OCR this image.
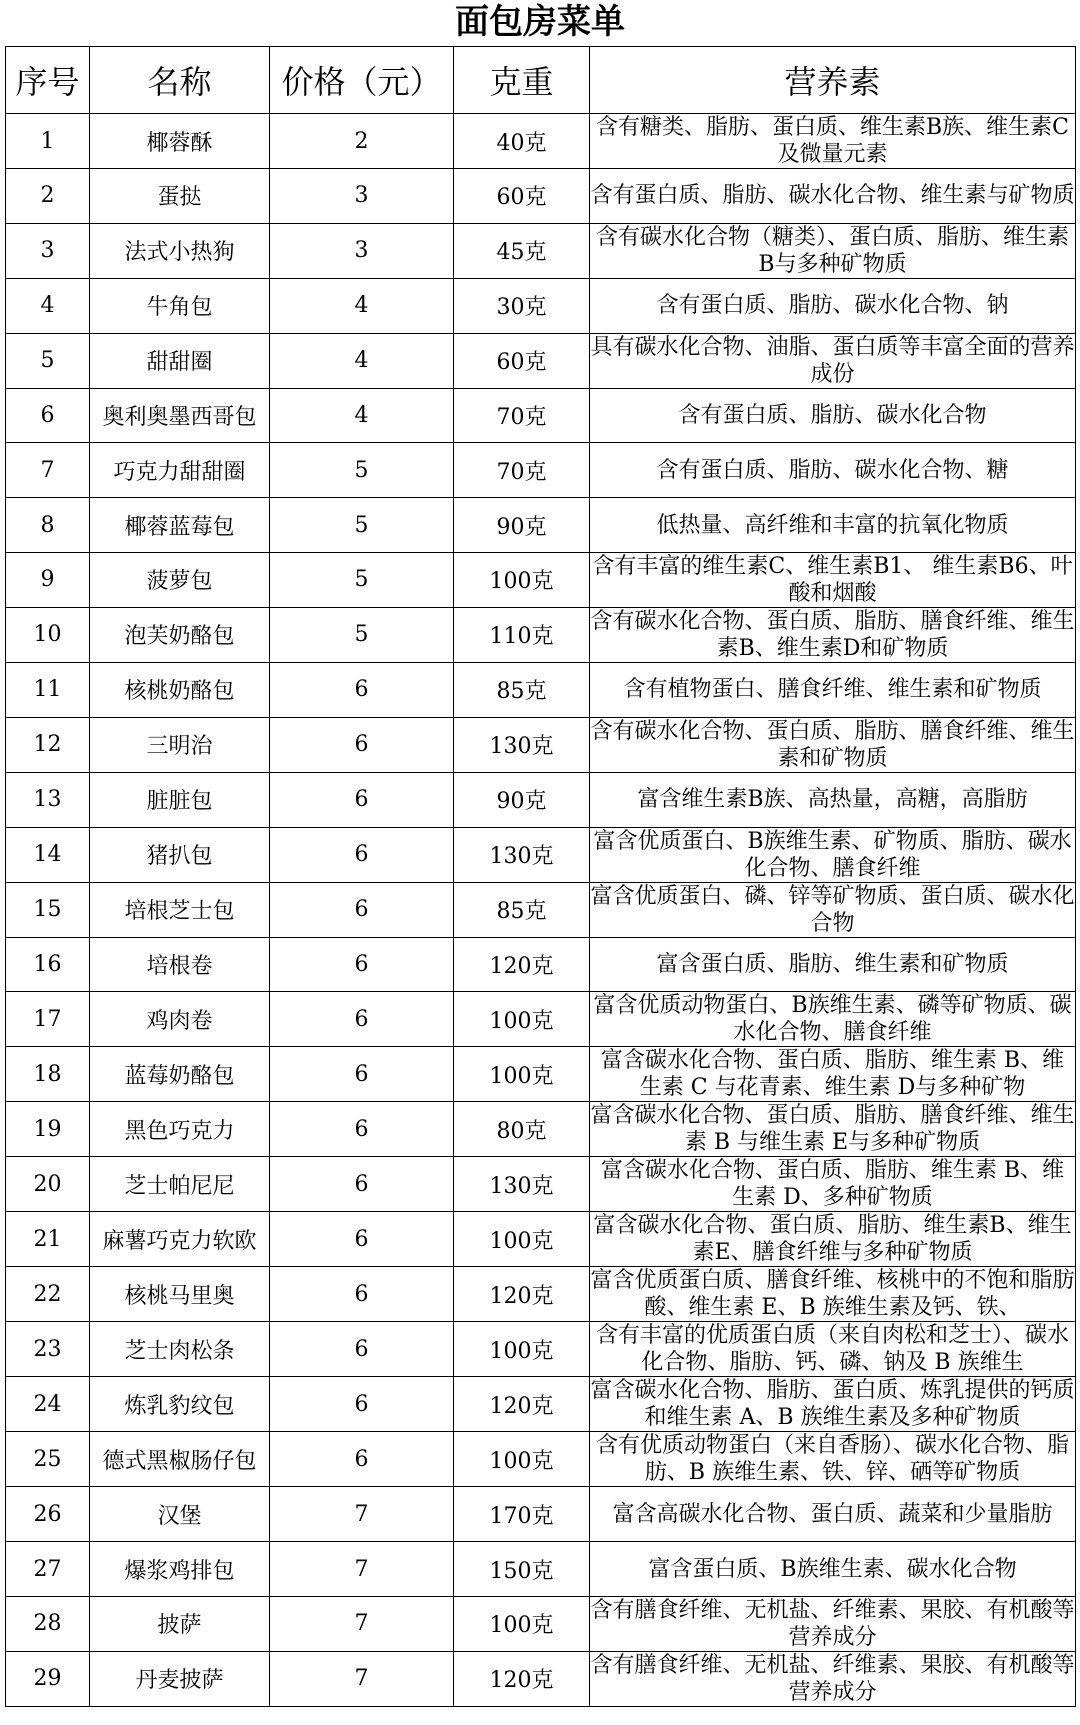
面包房菜单
序号	名称	价格（元）	克重	营养素
1	椰蓉酥	2	40克	含有糖类、脂肪、蛋白质、维生素B族、维生素C及微量元素

2	蛋挞	3	60克	含有蛋白质、脂肪、碳水化合物、维生素与矿物质

3	法式小热狗	3	45克	含有碳水化合物（糖类）、蛋白质、脂肪、维生素 B与多种矿物质

4	牛角包	4	30克	含有蛋白质、脂肪、碳水化合物、钠

5	甜甜圈	4	60克	具有碳水化合物、油脂、蛋白质等丰富全面的营养成份

6	奥利奥墨西哥包	4	70克	含有蛋白质、脂肪、碳水化合物

7	巧克力甜甜圈	5	70克	含有蛋白质、脂肪、碳水化合物、糖

8	椰蓉蓝莓包	5	90克	低热量、高纤维和丰富的抗氧化物质

9	菠萝包	5	100克	含有丰富的维生素C、维生素B1、 维生素B6、叶酸和烟酸

10	泡芙奶酪包	5	110克	含有碳水化合物、蛋白质、脂肪、膳食纤维、维生素B、维生素D和矿物质

11	核桃奶酪包	6	85克	含有植物蛋白、膳食纤维、维生素和矿物质

12	三明治	6	130克	含有碳水化合物、蛋白质、脂肪、膳食纤维、维生素和矿物质

13	脏脏包	6	90克	富含维生素B族、高热量，高糖，高脂肪

14	猪扒包	6	130克	富含优质蛋白、B族维生素、矿物质、脂肪、碳水化合物、膳食纤维

15	培根芝士包	6	85克	富含优质蛋白、磷、锌等矿物质、蛋白质、碳水化合物

16	培根卷	6	120克	富含蛋白质、脂肪、维生素和矿物质

17	鸡肉卷	6	100克	富含优质动物蛋白、B族维生素、磷等矿物质、碳水化合物、膳食纤维

18	蓝莓奶酪包	6	100克	富含碳水化合物、蛋白质、脂肪、维生素 B、维生素 C 与花青素、维生素 D与多种矿物

19	黑色巧克力	6	80克	富含碳水化合物、蛋白质、脂肪、膳食纤维、维生素 B 与维生素 E与多种矿物质

20	芝士帕尼尼	6	130克	富含碳水化合物、蛋白质、脂肪、维生素 B、维生素 D、多种矿物质

21	麻薯巧克力软欧	6	100克	富含碳水化合物、蛋白质、脂肪、维生素B、维生素E、膳食纤维与多种矿物质

22	核桃马里奥	6	120克	富含优质蛋白质、膳食纤维、核桃中的不饱和脂肪酸、维生素 E、B 族维生素及钙、铁、

23	芝士肉松条	6	100克	含有丰富的优质蛋白质（来自肉松和芝士）、碳水化合物、脂肪、钙、磷、钠及 B 族维生

24	炼乳豹纹包	6	120克	富含碳水化合物、脂肪、蛋白质、炼乳提供的钙质和维生素 A、B 族维生素及多种矿物质

25	德式黑椒肠仔包	6	100克	含有优质动物蛋白（来自香肠）、碳水化合物、脂肪、B 族维生素、铁、锌、硒等矿物质

26	汉堡	7	170克	富含高碳水化合物、蛋白质、蔬菜和少量脂肪

27	爆浆鸡排包	7	150克	富含蛋白质、B族维生素、碳水化合物

28	披萨	7	100克	含有膳食纤维、无机盐、纤维素、果胶、有机酸等营养成分

29	丹麦披萨	7	120克	含有膳食纤维、无机盐、纤维素、果胶、有机酸等营养成分
